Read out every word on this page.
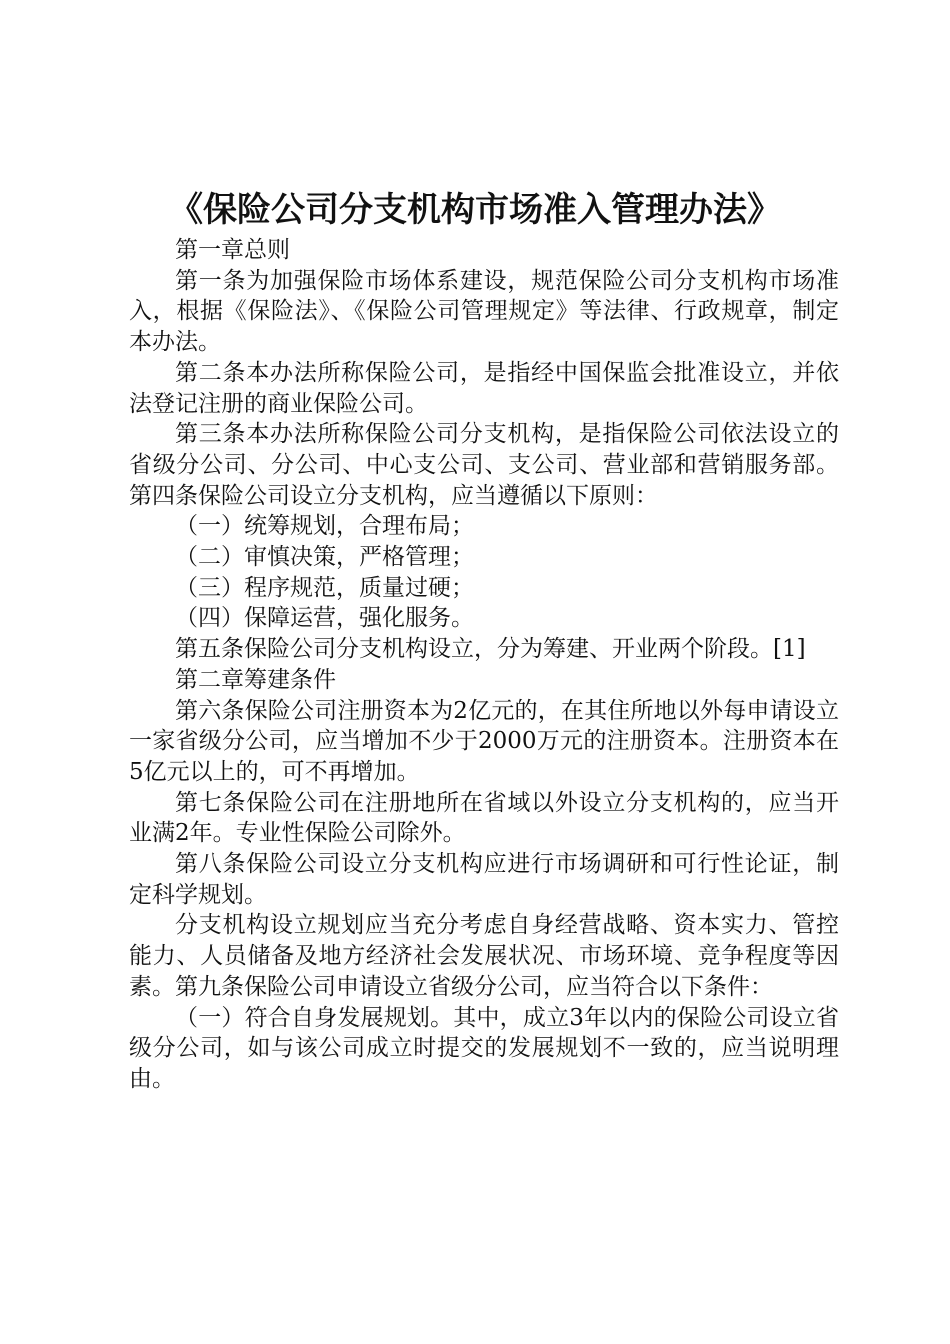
《保险公司分支机构市场准入管理办法》

第一章总则

第一条为加强保险市场体系建设，规范保险公司分支机构市场准入，根据《保险法》、《保险公司管理规定》等法律、行政规章，制定本办法。

第二条本办法所称保险公司，是指经中国保监会批准设立，并依法登记注册的商业保险公司。

第三条本办法所称保险公司分支机构，是指保险公司依法设立的省级分公司、分公司、中心支公司、支公司、营业部和营销服务部。第四条保险公司设立分支机构，应当遵循以下原则：

（一）统筹规划，合理布局；

（二）审慎决策，严格管理；

（三）程序规范，质量过硬；

（四）保障运营，强化服务。

第五条保险公司分支机构设立，分为筹建、开业两个阶段。[1]

第二章筹建条件

第六条保险公司注册资本为2亿元的，在其住所地以外每申请设立一家省级分公司，应当增加不少于2000万元的注册资本。注册资本在5亿元以上的，可不再增加。

第七条保险公司在注册地所在省域以外设立分支机构的，应当开业满2年。专业性保险公司除外。

第八条保险公司设立分支机构应进行市场调研和可行性论证，制定科学规划。

分支机构设立规划应当充分考虑自身经营战略、资本实力、管控能力、人员储备及地方经济社会发展状况、市场环境、竞争程度等因素。第九条保险公司申请设立省级分公司，应当符合以下条件：

（一）符合自身发展规划。其中，成立3年以内的保险公司设立省级分公司，如与该公司成立时提交的发展规划不一致的，应当说明理由。
